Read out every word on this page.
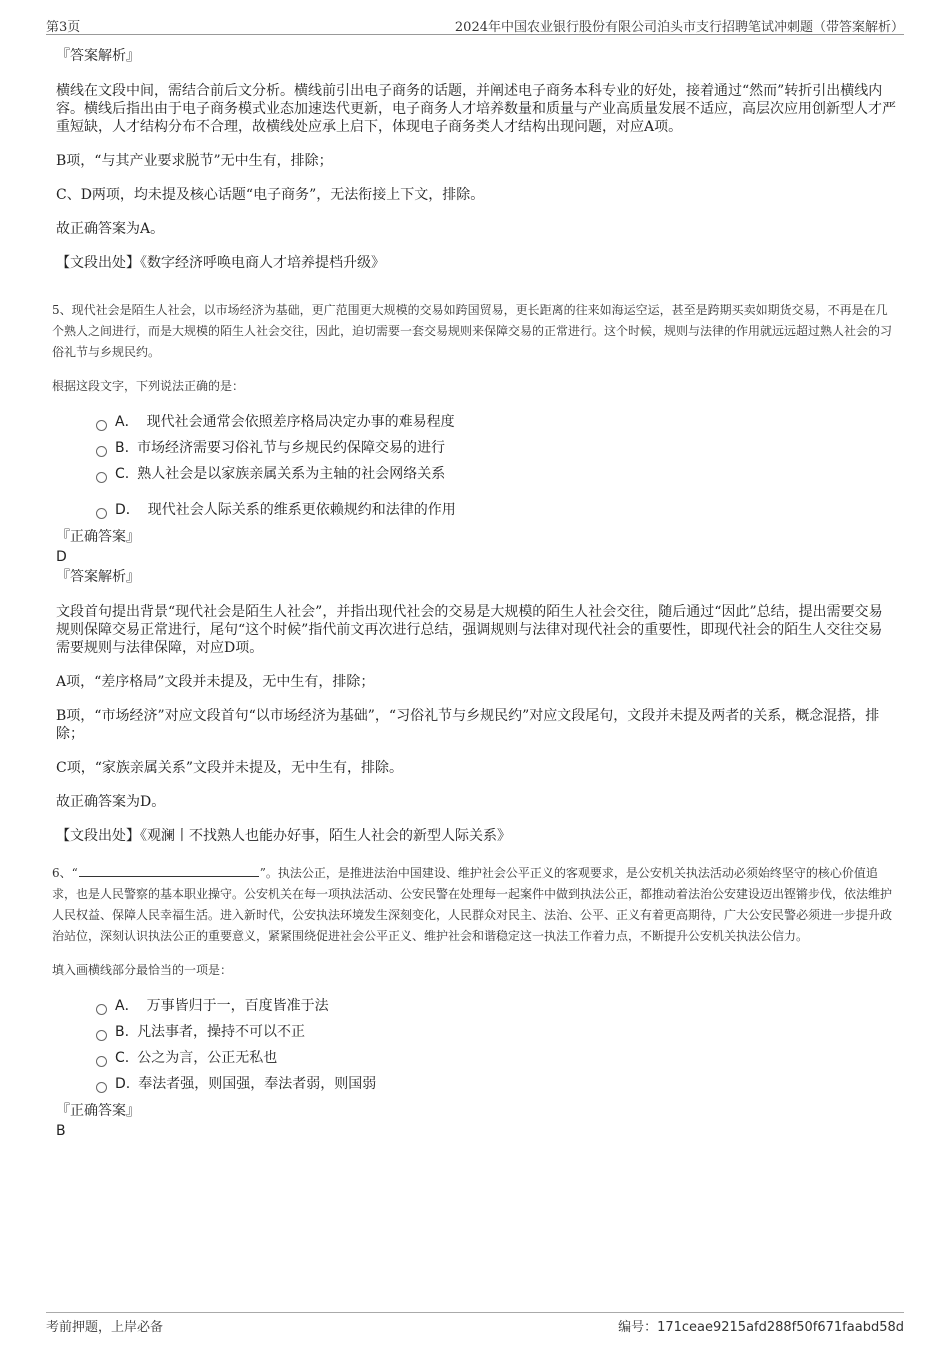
第3页	2024年中国农业银行股份有限公司泊头市支行招聘笔试冲刺题（带答案解析）

『答案解析』

横线在文段中间，需结合前后文分析。横线前引出电子商务的话题，并阐述电子商务本科专业的好处，接着通过“然而”转折引出横线内容。横线后指出由于电子商务模式业态加速迭代更新，电子商务人才培养数量和质量与产业高质量发展不适应，高层次应用创新型人才严重短缺，人才结构分布不合理，故横线处应承上启下，体现电子商务类人才结构出现问题，对应A项。

B项，“与其产业要求脱节”无中生有，排除；

C、D两项，均未提及核心话题“电子商务”，无法衔接上下文，排除。

故正确答案为A。

【文段出处】《数字经济呼唤电商人才培养提档升级》

5、现代社会是陌生人社会，以市场经济为基础，更广范围更大规模的交易如跨国贸易，更长距离的往来如海运空运，甚至是跨期买卖如期货交易，不再是在几个熟人之间进行，而是大规模的陌生人社会交往，因此，迫切需要一套交易规则来保障交易的正常进行。这个时候，规则与法律的作用就远远超过熟人社会的习俗礼节与乡规民约。

根据这段文字，下列说法正确的是：

A． 现代社会通常会依照差序格局决定办事的难易程度
B. 市场经济需要习俗礼节与乡规民约保障交易的进行
C. 熟人社会是以家族亲属关系为主轴的社会网络关系
D． 现代社会人际关系的维系更依赖规约和法律的作用

『正确答案』

D

『答案解析』

文段首句提出背景“现代社会是陌生人社会”，并指出现代社会的交易是大规模的陌生人社会交往，随后通过“因此”总结，提出需要交易规则保障交易正常进行，尾句“这个时候”指代前文再次进行总结，强调规则与法律对现代社会的重要性，即现代社会的陌生人交往交易需要规则与法律保障，对应D项。

A项，“差序格局”文段并未提及，无中生有，排除；

B项，“市场经济”对应文段首句“以市场经济为基础”，“习俗礼节与乡规民约”对应文段尾句，文段并未提及两者的关系，概念混搭，排除；

C项，“家族亲属关系”文段并未提及，无中生有，排除。

故正确答案为D。

【文段出处】《观澜丨不找熟人也能办好事，陌生人社会的新型人际关系》

6、“	”。执法公正，是推进法治中国建设、维护社会公平正义的客观要求，是公安机关执法活动必须始终坚守的核心价值追求，也是人民警察的基本职业操守。公安机关在每一项执法活动、公安民警在处理每一起案件中做到执法公正，都推动着法治公安建设迈出铿锵步伐，依法维护人民权益、保障人民幸福生活。进入新时代，公安执法环境发生深刻变化，人民群众对民主、法治、公平、正义有着更高期待，广大公安民警必须进一步提升政治站位，深刻认识执法公正的重要意义，紧紧围绕促进社会公平正义、维护社会和谐稳定这一执法工作着力点，不断提升公安机关执法公信力。

填入画横线部分最恰当的一项是：

A． 万事皆归于一，百度皆准于法
B. 凡法事者，操持不可以不正
C. 公之为言，公正无私也
D. 奉法者强，则国强，奉法者弱，则国弱

『正确答案』

B

考前押题，上岸必备	编号：171ceae9215afd288f50f671faabd58d
